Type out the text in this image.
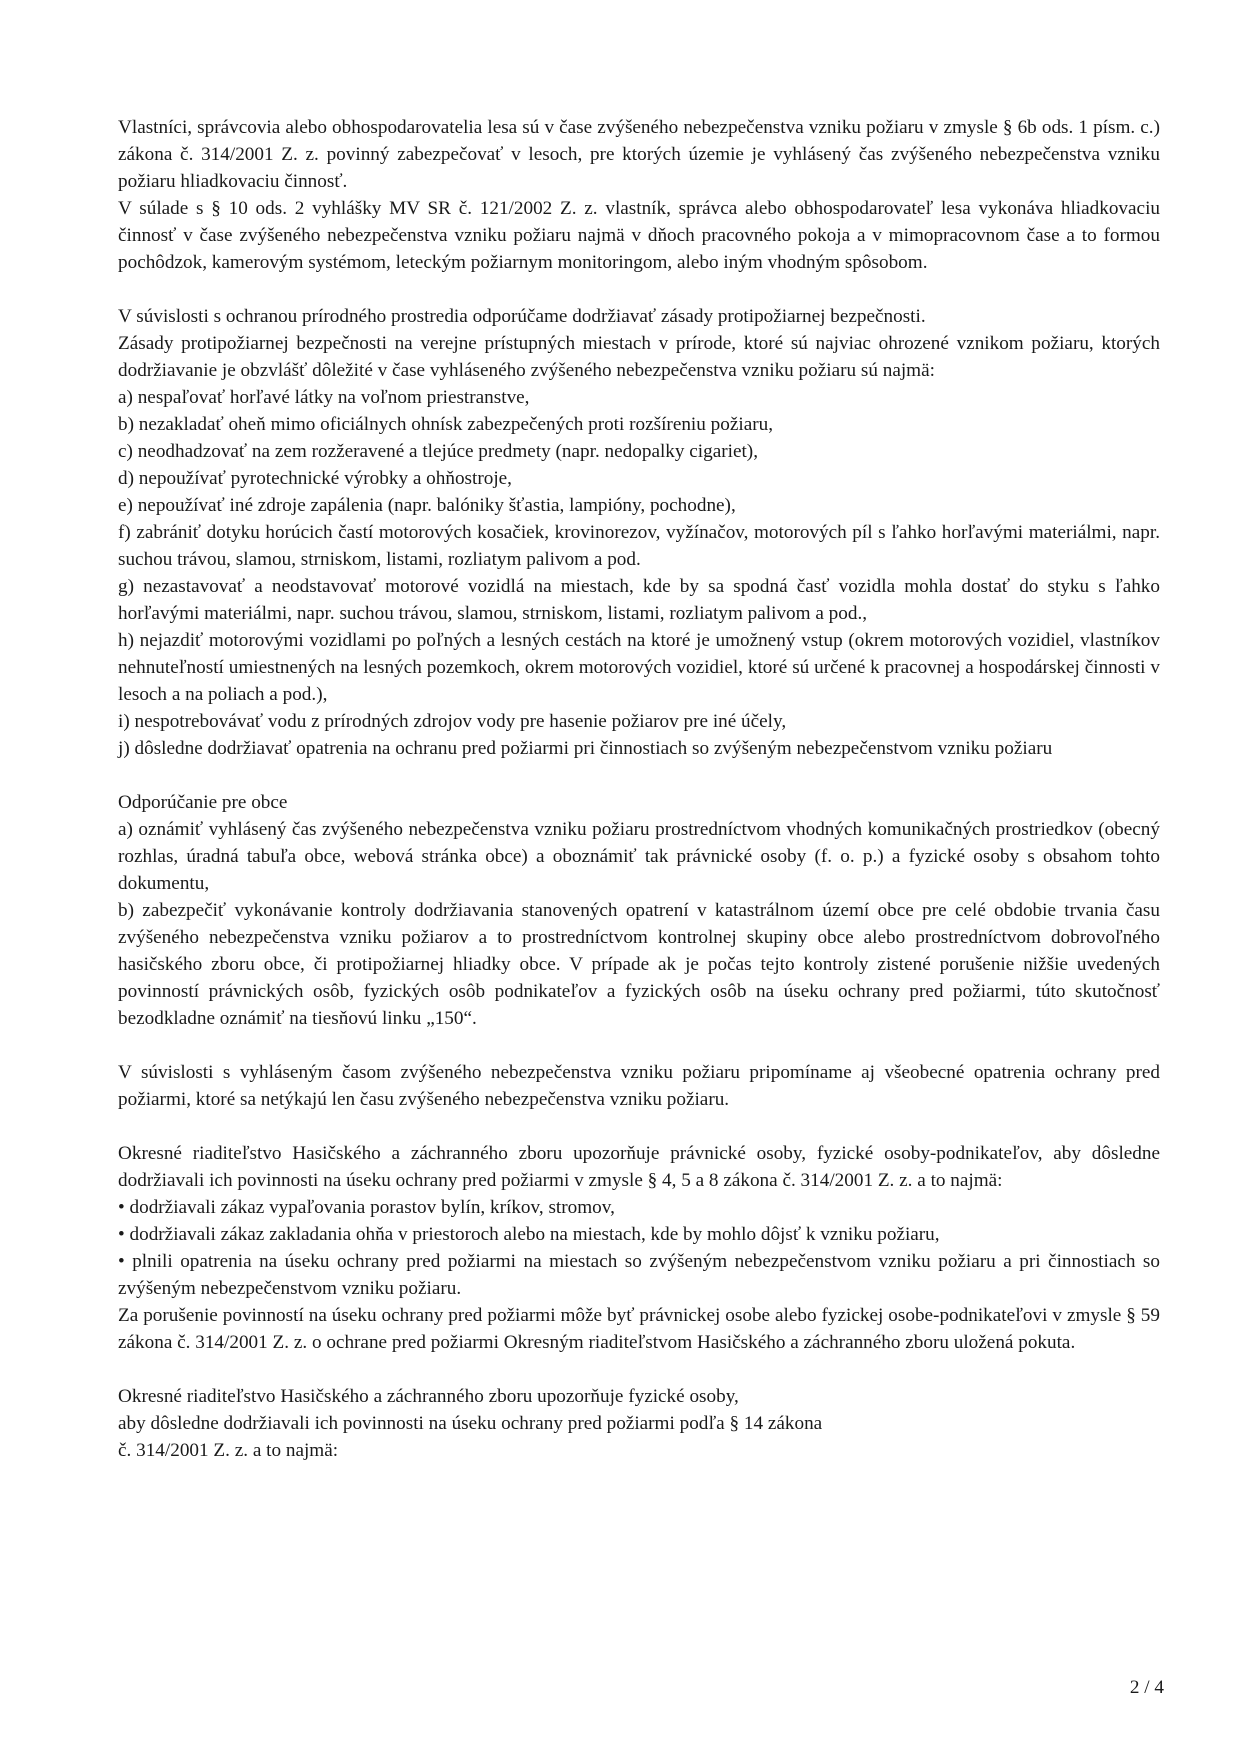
Vlastníci, správcovia alebo obhospodarovatelia lesa sú v čase zvýšeného nebezpečenstva vzniku požiaru v zmysle § 6b ods. 1 písm. c.) zákona č. 314/2001 Z. z. povinný zabezpečovať v lesoch, pre ktorých územie je vyhlásený čas zvýšeného nebezpečenstva vzniku požiaru hliadkovaciu činnosť.

V súlade s § 10 ods. 2 vyhlášky MV SR č. 121/2002 Z. z. vlastník, správca alebo obhospodarovateľ lesa vykonáva hliadkovaciu činnosť v čase zvýšeného nebezpečenstva vzniku požiaru najmä v dňoch pracovného pokoja a v mimopracovnom čase a to formou pochôdzok, kamerovým systémom, leteckým požiarnym monitoringom, alebo iným vhodným spôsobom.

V súvislosti s ochranou prírodného prostredia odporúčame dodržiavať zásady protipožiarnej bezpečnosti.

Zásady protipožiarnej bezpečnosti na verejne prístupných miestach v prírode, ktoré sú najviac ohrozené vznikom požiaru, ktorých dodržiavanie je obzvlášť dôležité v čase vyhláseného zvýšeného nebezpečenstva vzniku požiaru sú najmä:

a) nespaľovať horľavé látky na voľnom priestranstve,

b) nezakladať oheň mimo oficiálnych ohnísk zabezpečených proti rozšíreniu požiaru,

c) neodhadzovať na zem rozžeravené a tlejúce predmety (napr. nedopalky cigariet),

d) nepoužívať pyrotechnické výrobky a ohňostroje,

e) nepoužívať iné zdroje zapálenia (napr. balóniky šťastia, lampióny, pochodne),

f) zabrániť dotyku horúcich častí motorových kosačiek, krovinorezov, vyžínačov, motorových píl s ľahko horľavými materiálmi, napr. suchou trávou, slamou, strniskom, listami, rozliatym palivom a pod.

g) nezastavovať a neodstavovať motorové vozidlá na miestach, kde by sa spodná časť vozidla mohla dostať do styku s ľahko horľavými materiálmi, napr. suchou trávou, slamou, strniskom, listami, rozliatym palivom a pod.,

h) nejazdiť motorovými vozidlami po poľných a lesných cestách na ktoré je umožnený vstup (okrem motorových vozidiel, vlastníkov nehnuteľností umiestnených na lesných pozemkoch, okrem motorových vozidiel, ktoré sú určené k pracovnej a hospodárskej činnosti v lesoch a na poliach a pod.),

i) nespotrebovávať vodu z prírodných zdrojov vody pre hasenie požiarov pre iné účely,

j) dôsledne dodržiavať opatrenia na ochranu pred požiarmi pri činnostiach so zvýšeným nebezpečenstvom vzniku požiaru

Odporúčanie pre obce

a) oznámiť vyhlásený čas zvýšeného nebezpečenstva vzniku požiaru prostredníctvom vhodných komunikačných prostriedkov (obecný rozhlas, úradná tabuľa obce, webová stránka obce) a oboznámiť tak právnické osoby (f. o. p.) a fyzické osoby s obsahom tohto dokumentu,

b) zabezpečiť vykonávanie kontroly dodržiavania stanovených opatrení v katastrálnom území obce pre celé obdobie trvania času zvýšeného nebezpečenstva vzniku požiarov a to prostredníctvom kontrolnej skupiny obce alebo prostredníctvom dobrovoľného hasičského zboru obce, či protipožiarnej hliadky obce. V prípade ak je počas tejto kontroly zistené porušenie nižšie uvedených povinností právnických osôb, fyzických osôb podnikateľov a fyzických osôb na úseku ochrany pred požiarmi, túto skutočnosť bezodkladne oznámiť na tiesňovú linku „150“.

V súvislosti s vyhláseným časom zvýšeného nebezpečenstva vzniku požiaru pripomíname aj všeobecné opatrenia ochrany pred požiarmi, ktoré sa netýkajú len času zvýšeného nebezpečenstva vzniku požiaru.

Okresné riaditeľstvo Hasičského a záchranného zboru upozorňuje právnické osoby, fyzické osoby-podnikateľov, aby dôsledne dodržiavali ich povinnosti na úseku ochrany pred požiarmi v zmysle § 4, 5 a 8 zákona č. 314/2001 Z. z. a to najmä:

• dodržiavali zákaz vypaľovania porastov bylín, kríkov, stromov,

• dodržiavali zákaz zakladania ohňa v priestoroch alebo na miestach, kde by mohlo dôjsť k vzniku požiaru,

• plnili opatrenia na úseku ochrany pred požiarmi na miestach so zvýšeným nebezpečenstvom vzniku požiaru a pri činnostiach so zvýšeným nebezpečenstvom vzniku požiaru.

Za porušenie povinností na úseku ochrany pred požiarmi môže byť právnickej osobe alebo fyzickej osobe-podnikateľovi v zmysle § 59 zákona č. 314/2001 Z. z. o ochrane pred požiarmi Okresným riaditeľstvom Hasičského a záchranného zboru uložená pokuta.

Okresné riaditeľstvo Hasičského a záchranného zboru upozorňuje fyzické osoby,

aby dôsledne dodržiavali ich povinnosti na úseku ochrany pred požiarmi podľa § 14 zákona

č. 314/2001 Z. z. a to najmä:

2 / 4
